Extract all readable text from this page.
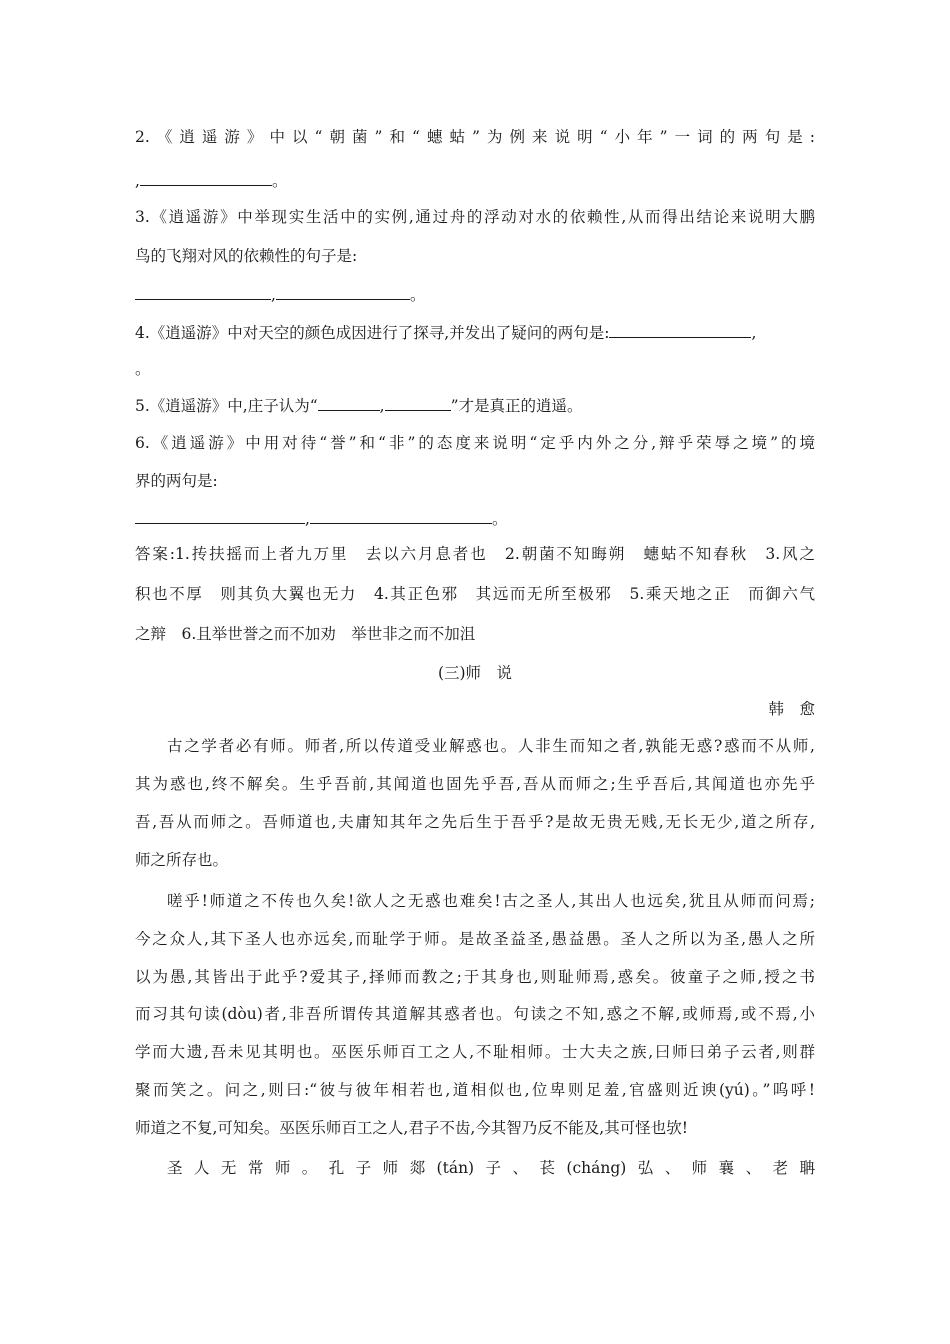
2.《逍遥游》中以“朝菌”和“蟪蛄”为例来说明“小年”一词的两句是:
,	。
3.《逍遥游》中举现实生活中的实例,通过舟的浮动对水的依赖性,从而得出结论来说明大鹏
鸟的飞翔对风的依赖性的句子是:
,	。
4.《逍遥游》中对天空的颜色成因进行了探寻,并发出了疑问的两句是:	,
。
5.《逍遥游》中,庄子认为“	,	”才是真正的逍遥。
6.《逍遥游》中用对待“誉”和“非”的态度来说明“定乎内外之分,辩乎荣辱之境”的境
界的两句是:
,	。
答案:1.抟扶摇而上者九万里　去以六月息者也　2.朝菌不知晦朔　蟪蛄不知春秋　3.风之
积也不厚　则其负大翼也无力　4.其正色邪　其远而无所至极邪　5.乘天地之正　而御六气
之辩　6.且举世誉之而不加劝　举世非之而不加沮
(三)师　说
韩　愈
古之学者必有师。师者,所以传道受业解惑也。人非生而知之者,孰能无惑?惑而不从师,
其为惑也,终不解矣。生乎吾前,其闻道也固先乎吾,吾从而师之;生乎吾后,其闻道也亦先乎
吾,吾从而师之。吾师道也,夫庸知其年之先后生于吾乎?是故无贵无贱,无长无少,道之所存,
师之所存也。
嗟乎!师道之不传也久矣!欲人之无惑也难矣!古之圣人,其出人也远矣,犹且从师而问焉;
今之众人,其下圣人也亦远矣,而耻学于师。是故圣益圣,愚益愚。圣人之所以为圣,愚人之所
以为愚,其皆出于此乎?爱其子,择师而教之;于其身也,则耻师焉,惑矣。彼童子之师,授之书
而习其句读(dòu)者,非吾所谓传其道解其惑者也。句读之不知,惑之不解,或师焉,或不焉,小
学而大遗,吾未见其明也。巫医乐师百工之人,不耻相师。士大夫之族,曰师曰弟子云者,则群
聚而笑之。问之,则曰:“彼与彼年相若也,道相似也,位卑则足羞,官盛则近谀(yú)。”呜呼!
师道之不复,可知矣。巫医乐师百工之人,君子不齿,今其智乃反不能及,其可怪也欤!
圣人无常师。孔子师郯(tán)子、苌(cháng)弘、师襄、老聃
